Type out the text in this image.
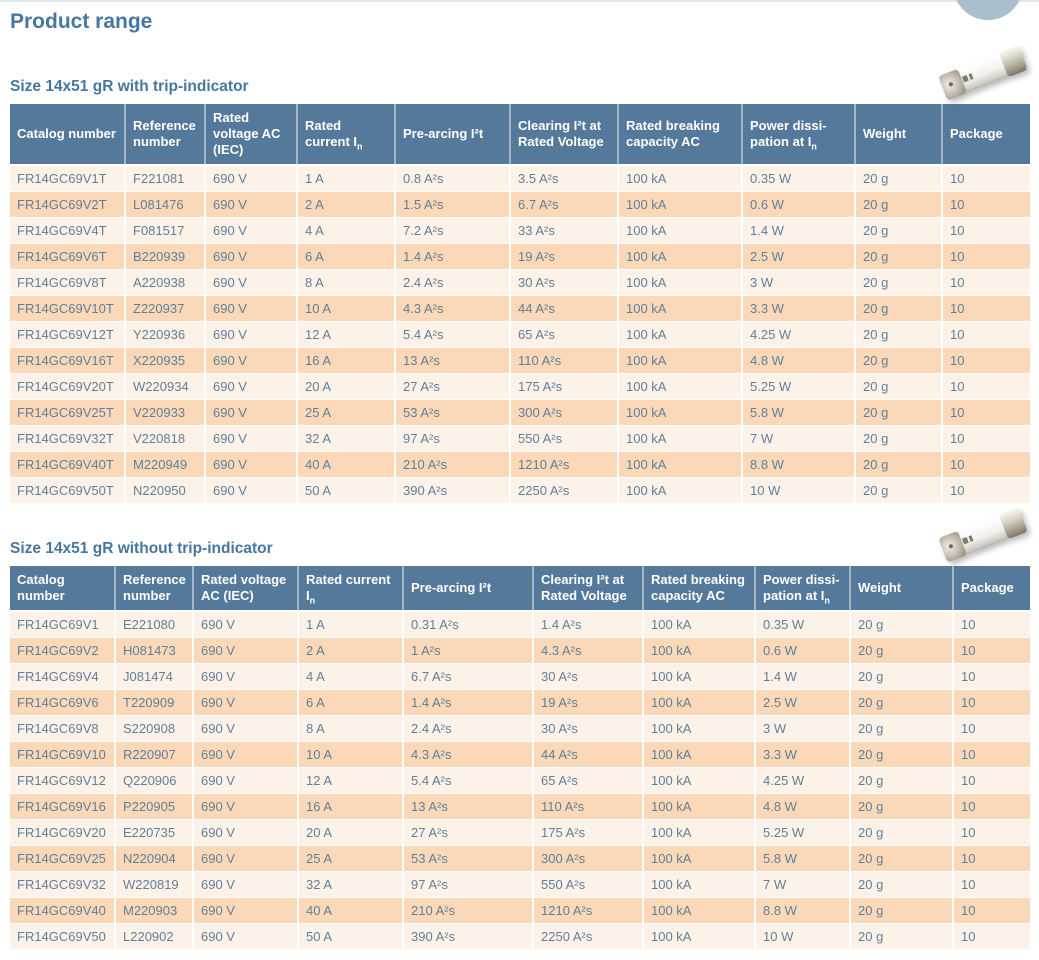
Product range
Size 14x51 gR with trip-indicator
Catalog number	Reference number	Rated voltage AC (IEC)	Rated current $I_n$	Pre-arcing I²t	Clearing I²t at Rated Voltage	Rated breaking capacity AC	Power dissi-pation at $I_n$	Weight	Package
FR14GC69V1T	F221081	690 V	1 A	0.8 A²s	3.5 A²s	100 kA	0.35 W	20 g	10
FR14GC69V2T	L081476	690 V	2 A	1.5 A²s	6.7 A²s	100 kA	0.6 W	20 g	10
FR14GC69V4T	F081517	690 V	4 A	7.2 A²s	33 A²s	100 kA	1.4 W	20 g	10
FR14GC69V6T	B220939	690 V	6 A	1.4 A²s	19 A²s	100 kA	2.5 W	20 g	10
FR14GC69V8T	A220938	690 V	8 A	2.4 A²s	30 A²s	100 kA	3 W	20 g	10
FR14GC69V10T	Z220937	690 V	10 A	4.3 A²s	44 A²s	100 kA	3.3 W	20 g	10
FR14GC69V12T	Y220936	690 V	12 A	5.4 A²s	65 A²s	100 kA	4.25 W	20 g	10
FR14GC69V16T	X220935	690 V	16 A	13 A²s	110 A²s	100 kA	4.8 W	20 g	10
FR14GC69V20T	W220934	690 V	20 A	27 A²s	175 A²s	100 kA	5.25 W	20 g	10
FR14GC69V25T	V220933	690 V	25 A	53 A²s	300 A²s	100 kA	5.8 W	20 g	10
FR14GC69V32T	V220818	690 V	32 A	97 A²s	550 A²s	100 kA	7 W	20 g	10
FR14GC69V40T	M220949	690 V	40 A	210 A²s	1210 A²s	100 kA	8.8 W	20 g	10
FR14GC69V50T	N220950	690 V	50 A	390 A²s	2250 A²s	100 kA	10 W	20 g	10
Size 14x51 gR without trip-indicator
Catalog number	Reference number	Rated voltage AC (IEC)	Rated current $I_n$	Pre-arcing I²t	Clearing I²t at Rated Voltage	Rated breaking capacity AC	Power dissi-pation at $I_n$	Weight	Package
FR14GC69V1	E221080	690 V	1 A	0.31 A²s	1.4 A²s	100 kA	0.35 W	20 g	10
FR14GC69V2	H081473	690 V	2 A	1 A²s	4.3 A²s	100 kA	0.6 W	20 g	10
FR14GC69V4	J081474	690 V	4 A	6.7 A²s	30 A²s	100 kA	1.4 W	20 g	10
FR14GC69V6	T220909	690 V	6 A	1.4 A²s	19 A²s	100 kA	2.5 W	20 g	10
FR14GC69V8	S220908	690 V	8 A	2.4 A²s	30 A²s	100 kA	3 W	20 g	10
FR14GC69V10	R220907	690 V	10 A	4.3 A²s	44 A²s	100 kA	3.3 W	20 g	10
FR14GC69V12	Q220906	690 V	12 A	5.4 A²s	65 A²s	100 kA	4.25 W	20 g	10
FR14GC69V16	P220905	690 V	16 A	13 A²s	110 A²s	100 kA	4.8 W	20 g	10
FR14GC69V20	E220735	690 V	20 A	27 A²s	175 A²s	100 kA	5.25 W	20 g	10
FR14GC69V25	N220904	690 V	25 A	53 A²s	300 A²s	100 kA	5.8 W	20 g	10
FR14GC69V32	W220819	690 V	32 A	97 A²s	550 A²s	100 kA	7 W	20 g	10
FR14GC69V40	M220903	690 V	40 A	210 A²s	1210 A²s	100 kA	8.8 W	20 g	10
FR14GC69V50	L220902	690 V	50 A	390 A²s	2250 A²s	100 kA	10 W	20 g	10
